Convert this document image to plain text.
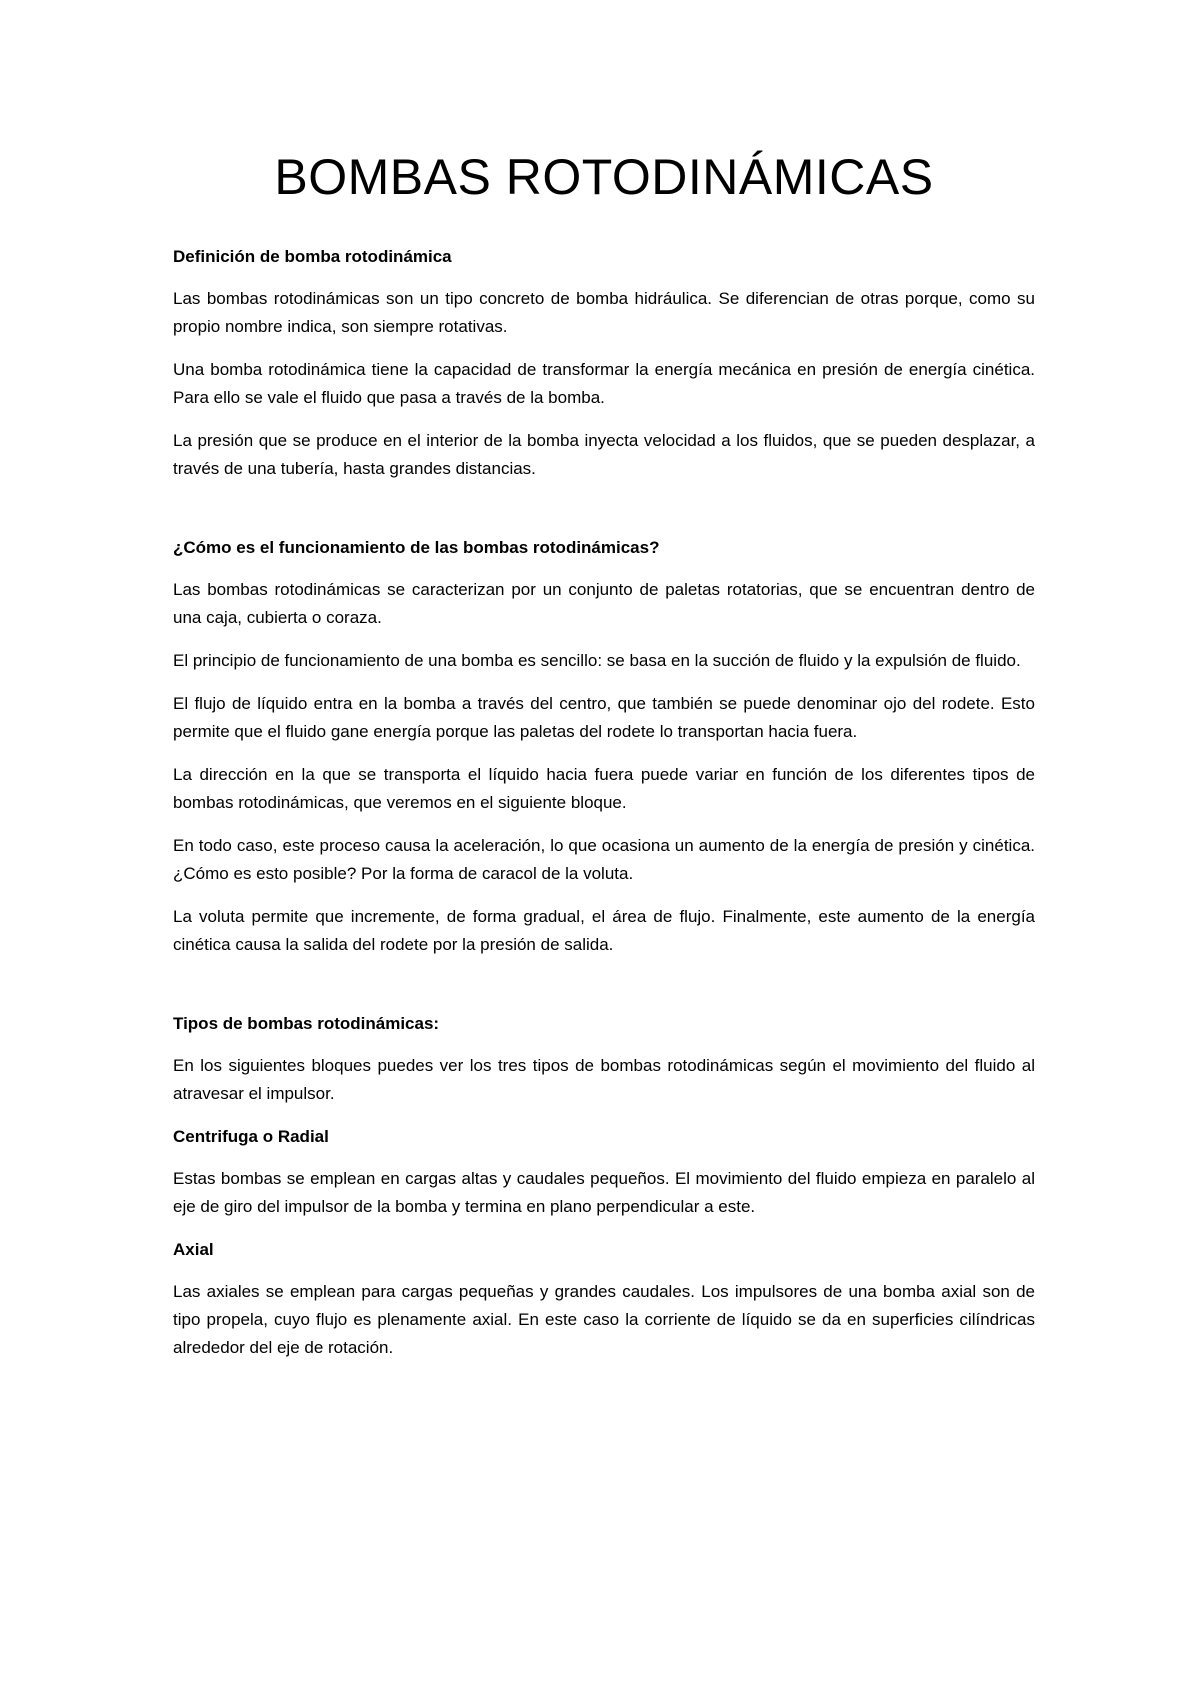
BOMBAS ROTODINÁMICAS
Definición de bomba rotodinámica

Las bombas rotodinámicas son un tipo concreto de bomba hidráulica. Se diferencian de otras porque, como su propio nombre indica, son siempre rotativas.

Una bomba rotodinámica tiene la capacidad de transformar la energía mecánica en presión de energía cinética. Para ello se vale el fluido que pasa a través de la bomba.

La presión que se produce en el interior de la bomba inyecta velocidad a los fluidos, que se pueden desplazar, a través de una tubería, hasta grandes distancias.

¿Cómo es el funcionamiento de las bombas rotodinámicas?

Las bombas rotodinámicas se caracterizan por un conjunto de paletas rotatorias, que se encuentran dentro de una caja, cubierta o coraza.

El principio de funcionamiento de una bomba es sencillo: se basa en la succión de fluido y la expulsión de fluido.

El flujo de líquido entra en la bomba a través del centro, que también se puede denominar ojo del rodete. Esto permite que el fluido gane energía porque las paletas del rodete lo transportan hacia fuera.

La dirección en la que se transporta el líquido hacia fuera puede variar en función de los diferentes tipos de bombas rotodinámicas, que veremos en el siguiente bloque.

En todo caso, este proceso causa la aceleración, lo que ocasiona un aumento de la energía de presión y cinética. ¿Cómo es esto posible? Por la forma de caracol de la voluta.

La voluta permite que incremente, de forma gradual, el área de flujo. Finalmente, este aumento de la energía cinética causa la salida del rodete por la presión de salida.

Tipos de bombas rotodinámicas:

En los siguientes bloques puedes ver los tres tipos de bombas rotodinámicas según el movimiento del fluido al atravesar el impulsor.

Centrifuga o Radial

Estas bombas se emplean en cargas altas y caudales pequeños. El movimiento del fluido empieza en paralelo al eje de giro del impulsor de la bomba y termina en plano perpendicular a este.

Axial

Las axiales se emplean para cargas pequeñas y grandes caudales. Los impulsores de una bomba axial son de tipo propela, cuyo flujo es plenamente axial. En este caso la corriente de líquido se da en superficies cilíndricas alrededor del eje de rotación.
